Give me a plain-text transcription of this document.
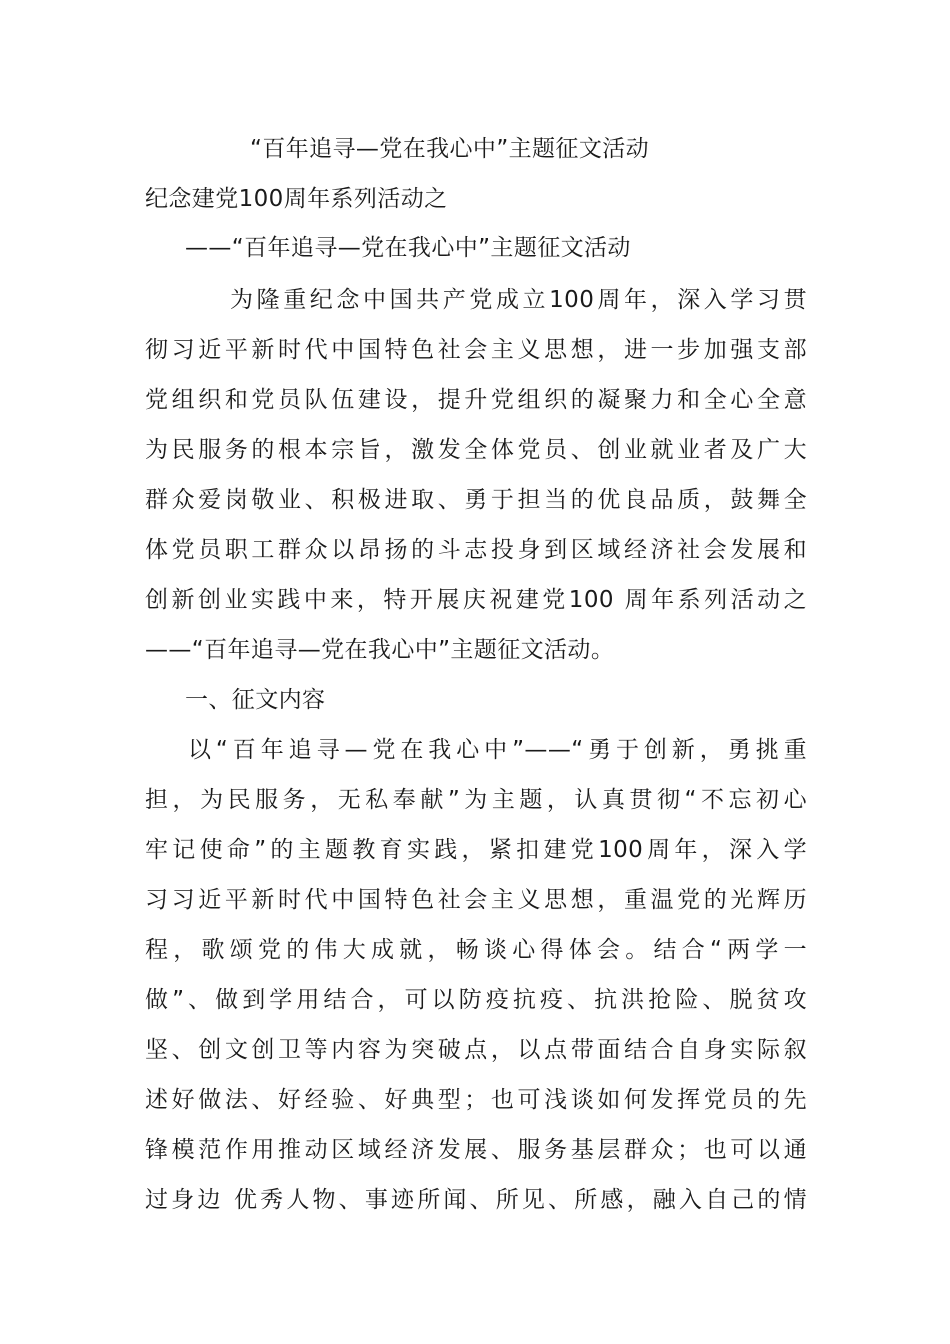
“百年追寻—党在我心中”主题征文活动
纪念建党100周年系列活动之
——“百年追寻—党在我心中”主题征文活动
为隆重纪念中国共产党成立100周年，深入学习贯
彻习近平新时代中国特色社会主义思想，进一步加强支部
党组织和党员队伍建设，提升党组织的凝聚力和全心全意
为民服务的根本宗旨，激发全体党员、创业就业者及广大
群众爱岗敬业、积极进取、勇于担当的优良品质，鼓舞全
体党员职工群众以昂扬的斗志投身到区域经济社会发展和
创新创业实践中来，特开展庆祝建党100 周年系列活动之
——“百年追寻—党在我心中”主题征文活动。
一、征文内容
以“百年追寻—党在我心中”——“勇于创新，勇挑重
担，为民服务，无私奉献”为主题，认真贯彻“不忘初心
牢记使命”的主题教育实践，紧扣建党100周年，深入学
习习近平新时代中国特色社会主义思想，重温党的光辉历
程，歌颂党的伟大成就，畅谈心得体会。结合“两学一
做”、做到学用结合，可以防疫抗疫、抗洪抢险、脱贫攻
坚、创文创卫等内容为突破点，以点带面结合自身实际叙
述好做法、好经验、好典型；也可浅谈如何发挥党员的先
锋模范作用推动区域经济发展、服务基层群众；也可以通
过身边 优秀人物、事迹所闻、所见、所感，融入自己的情
